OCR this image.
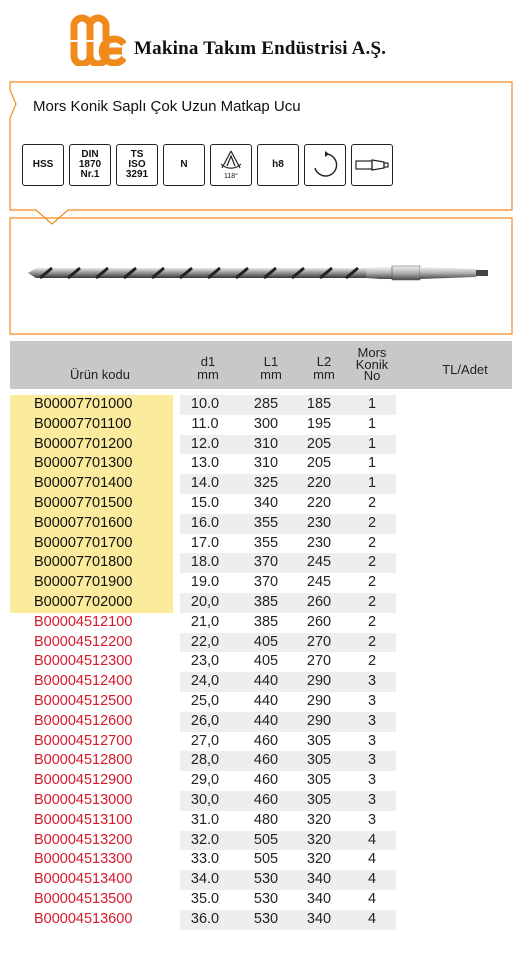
Makina Takım Endüstrisi A.Ş.
Mors Konik Saplı Çok Uzun Matkap Ucu
HSS
DIN
1870
Nr.1
TS
ISO
3291
N
118°
h8
Ürün kodu
d1
mm
L1
mm
L2
mm
Mors
Konik
No	TL/Adet
B00007701000	10.0	285	185	1
B00007701100	11.0	300	195	1
B00007701200	12.0	310	205	1
B00007701300	13.0	310	205	1
B00007701400	14.0	325	220	1
B00007701500	15.0	340	220	2
B00007701600	16.0	355	230	2
B00007701700	17.0	355	230	2
B00007701800	18.0	370	245	2
B00007701900	19.0	370	245	2
B00007702000	20,0	385	260	2
B00004512100	21,0	385	260	2
B00004512200	22,0	405	270	2
B00004512300	23,0	405	270	2
B00004512400	24,0	440	290	3
B00004512500	25,0	440	290	3
B00004512600	26,0	440	290	3
B00004512700	27,0	460	305	3
B00004512800	28,0	460	305	3
B00004512900	29,0	460	305	3
B00004513000	30,0	460	305	3
B00004513100	31.0	480	320	3
B00004513200	32.0	505	320	4
B00004513300	33.0	505	320	4
B00004513400	34.0	530	340	4
B00004513500	35.0	530	340	4
B00004513600	36.0	530	340	4
